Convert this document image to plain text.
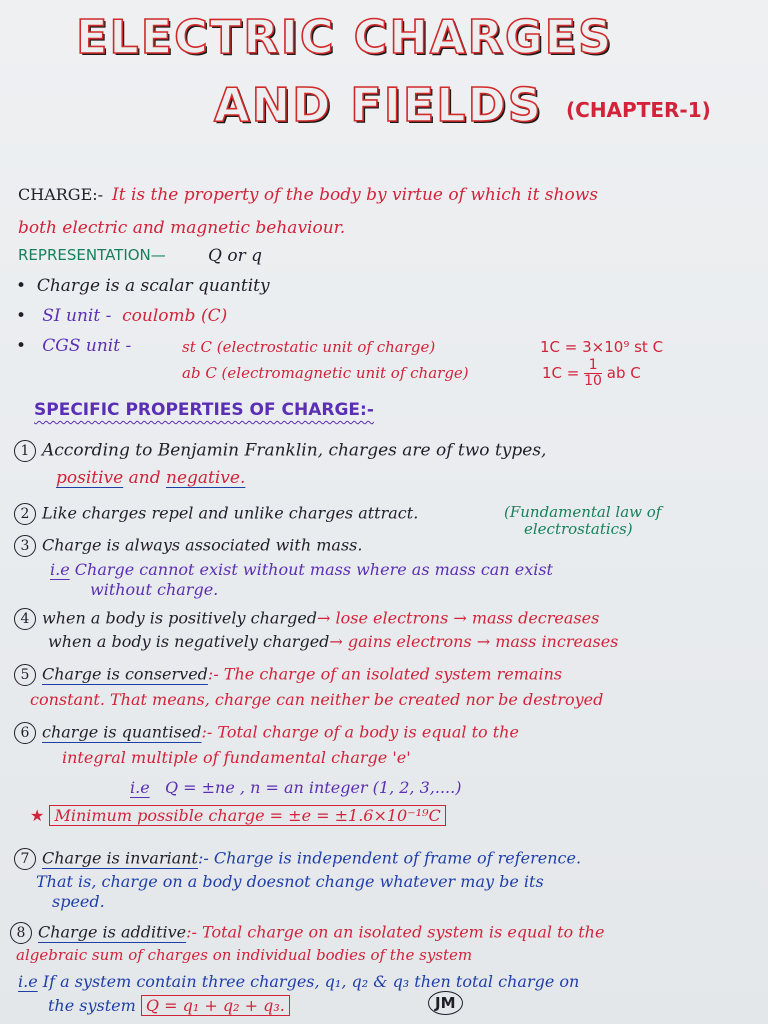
ELECTRIC CHARGES
AND FIELDS (CHAPTER-1)
CHARGE:- It is the property of the body by virtue of which it shows
both electric and magnetic behaviour.
REPRESENTATION— Q or q
•  Charge is a scalar quantity
•   SI unit - coulomb (C)
•   CGS unit -	st C (electrostatic unit of charge)	1C = 3×10⁹ st C
ab C (electromagnetic unit of charge)	$1C = \frac{1}{10}$ ab C
SPECIFIC PROPERTIES OF CHARGE:-
1 According to Benjamin Franklin, charges are of two types,
positive and negative.
2 Like charges repel and unlike charges attract.	(Fundamental law of
electrostatics)
3 Charge is always associated with mass.
i.e Charge cannot exist without mass where as mass can exist
without charge.
4 when a body is positively charged→ lose electrons → mass decreases
when a body is negatively charged→ gains electrons → mass increases
5 Charge is conserved:- The charge of an isolated system remains
constant. That means, charge can neither be created nor be destroyed
6 charge is quantised:- Total charge of a body is equal to the
integral multiple of fundamental charge 'e'
i.e Q = ±ne , n = an integer (1, 2, 3,....)
★ Minimum possible charge = ±e = ±1.6×10⁻¹⁹C
7 Charge is invariant:- Charge is independent of frame of reference.
That is, charge on a body doesnot change whatever may be its
speed.
8 Charge is additive:- Total charge on an isolated system is equal to the
algebraic sum of charges on individual bodies of the system
i.e If a system contain three charges, q₁, q₂ & q₃ then total charge on
the system Q = q₁ + q₂ + q₃.	JM
